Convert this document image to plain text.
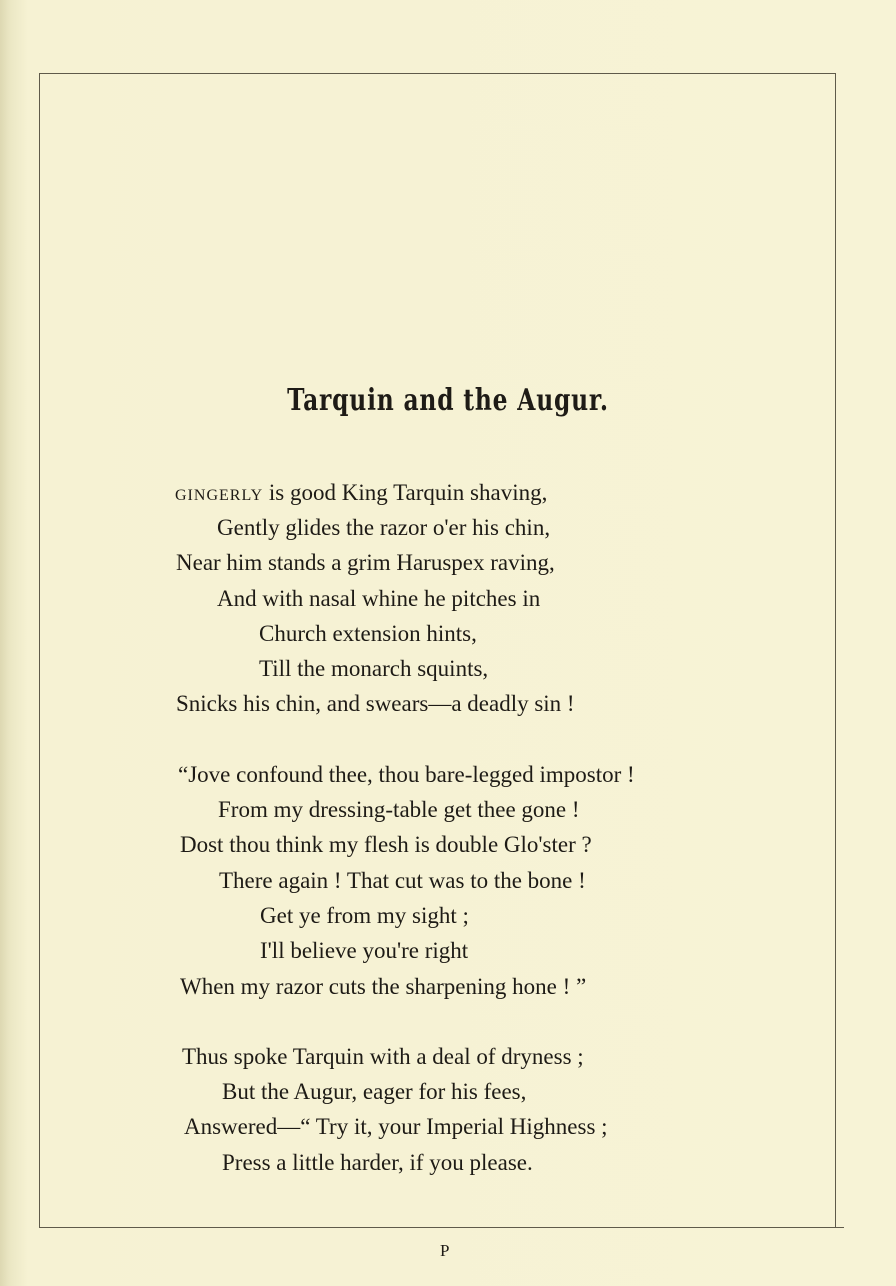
Tarquin and the Augur.
GINGERLY is good King Tarquin shaving,
Gently glides the razor o'er his chin,
Near him stands a grim Haruspex raving,
And with nasal whine he pitches in
Church extension hints,
Till the monarch squints,
Snicks his chin, and swears—a deadly sin !
“Jove confound thee, thou bare-legged impostor !
From my dressing-table get thee gone !
Dost thou think my flesh is double Glo'ster ?
There again ! That cut was to the bone !
Get ye from my sight ;
I'll believe you're right
When my razor cuts the sharpening hone ! ”
Thus spoke Tarquin with a deal of dryness ;
But the Augur, eager for his fees,
Answered—“ Try it, your Imperial Highness ;
Press a little harder, if you please.
P
